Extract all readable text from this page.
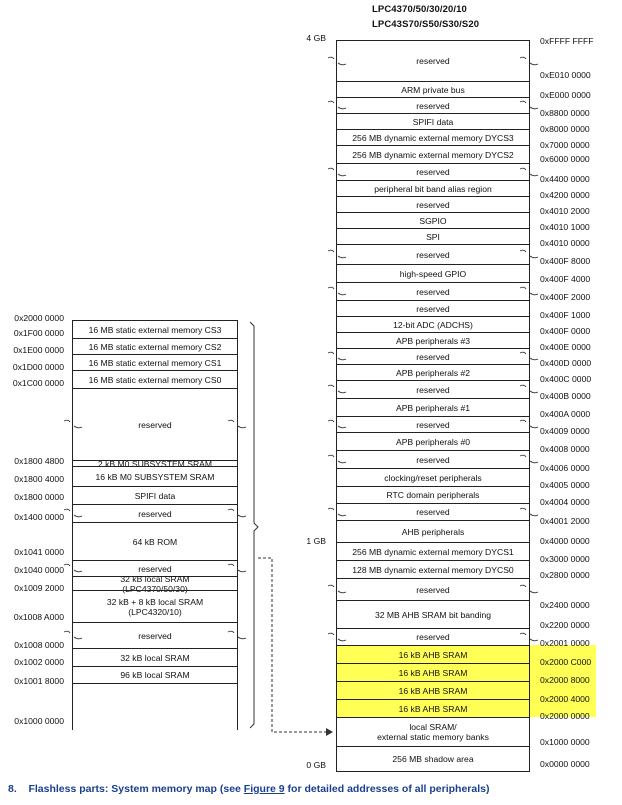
LPC4370/50/30/20/10
LPC43S70/S50/S30/S20
4 GB
1 GB
0 GB
reserved
ARM private bus
reserved
SPIFI data
256 MB dynamic external memory DYCS3
256 MB dynamic external memory DYCS2
reserved
peripheral bit band alias region
reserved
SGPIO
SPI
reserved
high-speed GPIO
reserved
reserved
12-bit ADC (ADCHS)
APB peripherals #3
reserved
APB peripherals #2
reserved
APB peripherals #1
reserved
APB peripherals #0
reserved
clocking/reset peripherals
RTC domain peripherals
reserved
AHB peripherals
256 MB dynamic external memory DYCS1
128 MB dynamic external memory DYCS0
reserved
32 MB AHB SRAM bit banding
reserved
16 kB AHB SRAM
16 kB AHB SRAM
16 kB AHB SRAM
16 kB AHB SRAM
local SRAM/
external static memory banks
256 MB shadow area
0xFFFF FFFF
0xE010 0000
0xE000 0000
0x8800 0000
0x8000 0000
0x7000 0000
0x6000 0000
0x4400 0000
0x4200 0000
0x4010 2000
0x4010 1000
0x4010 0000
0x400F 8000
0x400F 4000
0x400F 2000
0x400F 1000
0x400F 0000
0x400E 0000
0x400D 0000
0x400C 0000
0x400B 0000
0x400A 0000
0x4009 0000
0x4008 0000
0x4006 0000
0x4005 0000
0x4004 0000
0x4001 2000
0x4000 0000
0x3000 0000
0x2800 0000
0x2400 0000
0x2200 0000
0x2001 0000
0x2000 C000
0x2000 8000
0x2000 4000
0x2000 0000
0x1000 0000
0x0000 0000
0x2000 0000
0x1F00 0000
0x1E00 0000
0x1D00 0000
0x1C00 0000
0x1800 4800
0x1800 4000
0x1800 0000
0x1400 0000
0x1041 0000
0x1040 0000
0x1009 2000
0x1008 A000
0x1008 0000
0x1002 0000
0x1001 8000
0x1000 0000
16 MB static external memory CS3
16 MB static external memory CS2
16 MB static external memory CS1
16 MB static external memory CS0
reserved
2 kB M0 SUBSYSTEM SRAM
16 kB M0 SUBSYSTEM SRAM
SPIFI data
reserved
64 kB ROM
reserved
32 kB local SRAM
(LPC4370/50/30)
32 kB + 8 kB local SRAM
(LPC4320/10)
reserved
32 kB local SRAM
96 kB local SRAM
8. Flashless parts: System memory map (see Figure 9 for detailed addresses of all peripherals)
